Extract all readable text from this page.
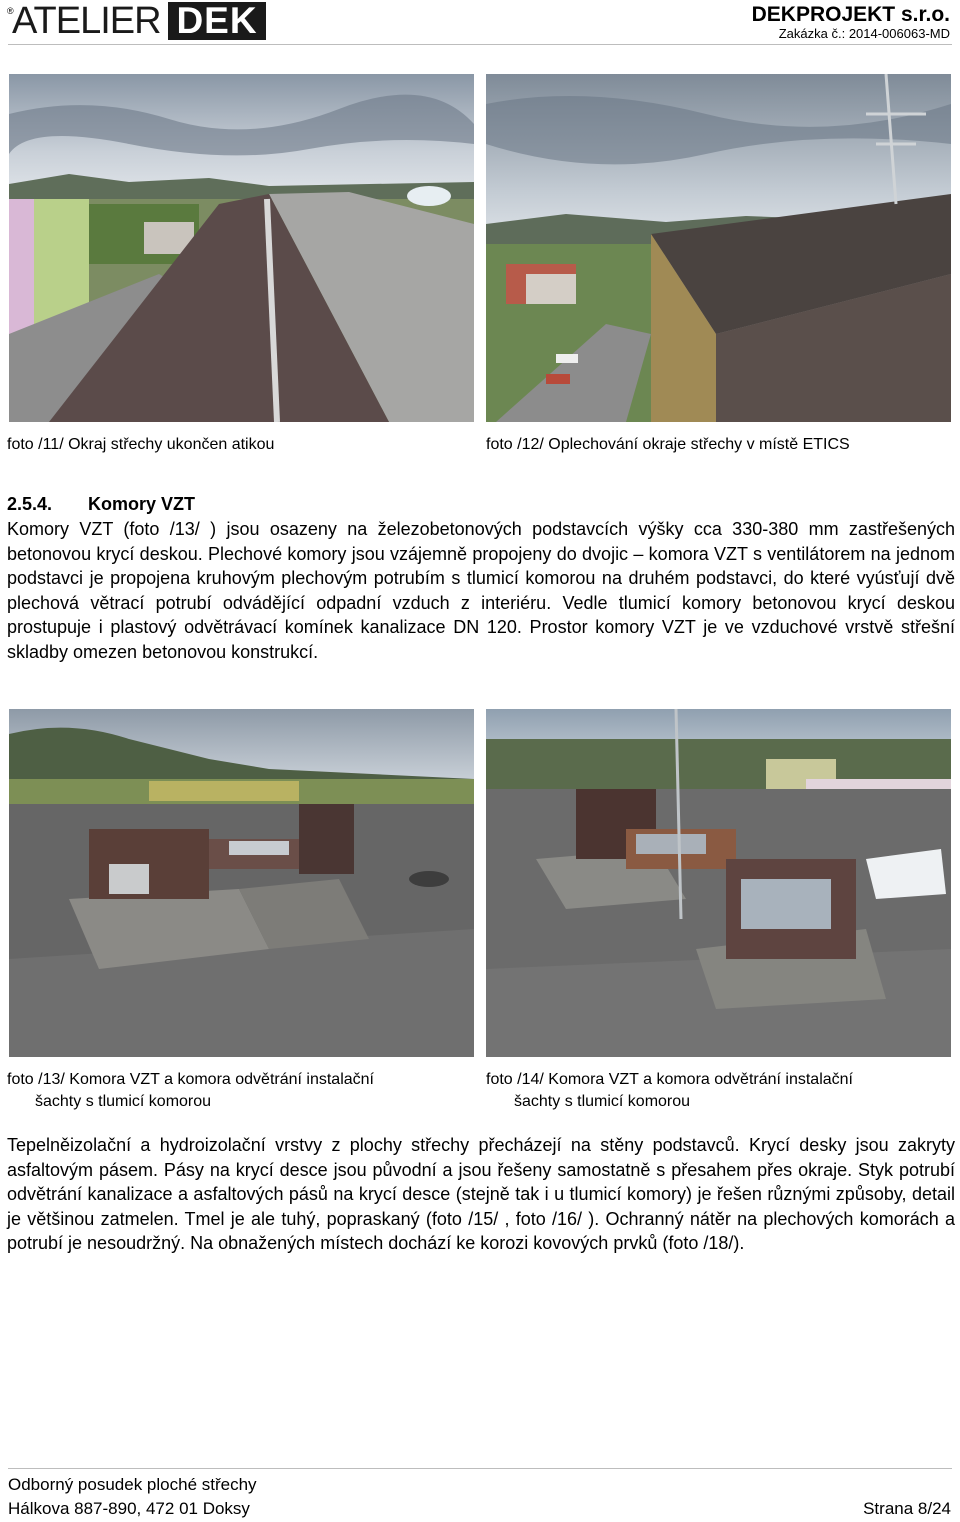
®
ATELIER DEK	DEKPROJEKT s.r.o.
Zakázka č.: 2014-006063-MD
foto /11/ Okraj střechy ukončen atikou	foto /12/ Oplechování okraje střechy v místě ETICS
2.5.4. Komory VZT
Komory VZT (foto /13/ ) jsou osazeny na železobetonových podstavcích výšky cca 330-380 mm zastřešených betonovou krycí deskou. Plechové komory jsou vzájemně propojeny do dvojic – komora VZT s ventilátorem na jednom podstavci je propojena kruhovým plechovým potrubím s tlumicí komorou na druhém podstavci, do které vyúsťují dvě plechová větrací potrubí odvádějící odpadní vzduch z interiéru. Vedle tlumicí komory betonovou krycí deskou prostupuje i plastový odvětrávací komínek kanalizace DN 120. Prostor komory VZT je ve vzduchové vrstvě střešní skladby omezen betonovou konstrukcí.
foto /13/ Komora VZT a komora odvětrání instalační
šachty s tlumicí komorou
foto /14/ Komora VZT a komora odvětrání instalační
šachty s tlumicí komorou
Tepelněizolační a hydroizolační vrstvy z plochy střechy přecházejí na stěny podstavců. Krycí desky jsou zakryty asfaltovým pásem. Pásy na krycí desce jsou původní a jsou řešeny samostatně s přesahem přes okraje. Styk potrubí odvětrání kanalizace a asfaltových pásů na krycí desce (stejně tak i u tlumicí komory) je řešen různými způsoby, detail je většinou zatmelen. Tmel je ale tuhý, popraskaný (foto /15/ , foto /16/ ). Ochranný nátěr na plechových komorách a potrubí je nesoudržný. Na obnažených místech dochází ke korozi kovových prvků (foto /18/).
Odborný posudek ploché střechy
Hálkova 887-890, 472 01 Doksy	Strana 8/24
